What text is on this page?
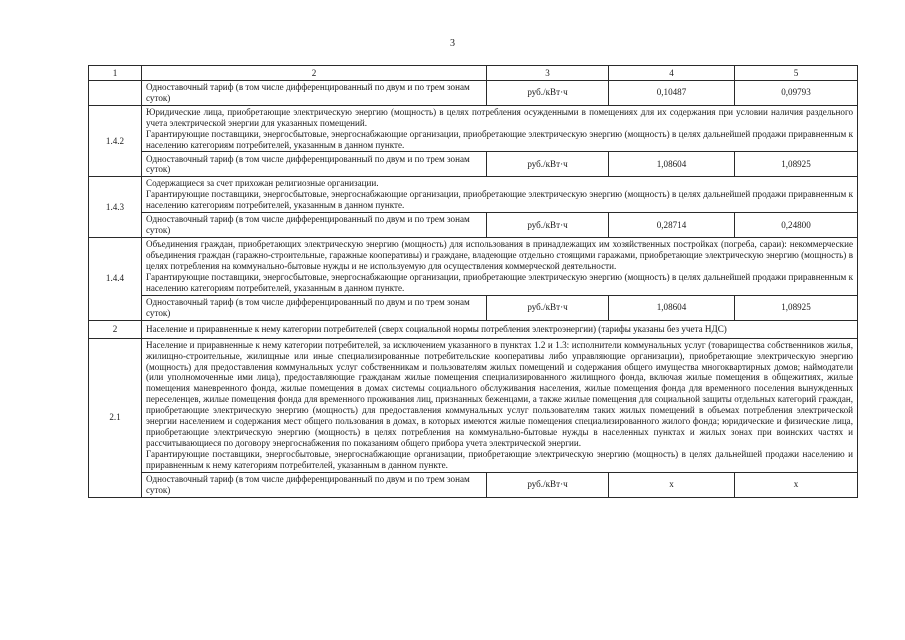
3
1	2	3	4	5
	Одноставочный тариф (в том числе дифференцированный по двум и по трем зонам суток)	руб./кВт·ч	0,10487	0,09793
1.4.2	Юридические лица, приобретающие электрическую энергию (мощность) в целях потребления осужденными в помещениях для их содержания при условии наличия раздельного учета электрической энергии для указанных помещений.
Гарантирующие поставщики, энергосбытовые, энергоснабжающие организации, приобретающие электрическую энергию (мощность) в целях дальнейшей продажи приравненным к населению категориям потребителей, указанным в данном пункте.			

	Одноставочный тариф (в том числе дифференцированный по двум и по трем зонам суток)	руб./кВт·ч	1,08604	1,08925
1.4.3	Содержащиеся за счет прихожан религиозные организации.
Гарантирующие поставщики, энергосбытовые, энергоснабжающие организации, приобретающие электрическую энергию (мощность) в целях дальнейшей продажи приравненным к населению категориям потребителей, указанным в данном пункте.			

	Одноставочный тариф (в том числе дифференцированный по двум и по трем зонам суток)	руб./кВт·ч	0,28714	0,24800
1.4.4	Объединения граждан, приобретающих электрическую энергию (мощность) для использования в принадлежащих им хозяйственных постройках (погреба, сараи): некоммерческие объединения граждан (гаражно-строительные, гаражные кооперативы) и граждане, владеющие отдельно стоящими гаражами, приобретающие электрическую энергию (мощность) в целях потребления на коммунально-бытовые нужды и не используемую для осуществления коммерческой деятельности.
Гарантирующие поставщики, энергосбытовые, энергоснабжающие организации, приобретающие электрическую энергию (мощность) в целях дальнейшей продажи приравненным к населению категориям потребителей, указанным в данном пункте.			

	Одноставочный тариф (в том числе дифференцированный по двум и по трем зонам суток)	руб./кВт·ч	1,08604	1,08925
2	Население и приравненные к нему категории потребителей (сверх социальной нормы потребления электроэнергии) (тарифы указаны без учета НДС)			
2.1	Население и приравненные к нему категории потребителей, за исключением указанного в пунктах 1.2 и 1.3: исполнители коммунальных услуг (товарищества собственников жилья, жилищно-строительные, жилищные или иные специализированные потребительские кооперативы либо управляющие организации), приобретающие электрическую энергию (мощность) для предоставления коммунальных услуг собственникам и пользователям жилых помещений и содержания общего имущества многоквартирных домов; наймодатели (или уполномоченные ими лица), предоставляющие гражданам жилые помещения специализированного жилищного фонда, включая жилые помещения в общежитиях, жилые помещения маневренного фонда, жилые помещения в домах системы социального обслуживания населения, жилые помещения фонда для временного поселения вынужденных переселенцев, жилые помещения фонда для временного проживания лиц, признанных беженцами, а также жилые помещения для социальной защиты отдельных категорий граждан, приобретающие электрическую энергию (мощность) для предоставления коммунальных услуг пользователям таких жилых помещений в объемах потребления электрической энергии населением и содержания мест общего пользования в домах, в которых имеются жилые помещения специализированного жилого фонда; юридические и физические лица, приобретающие электрическую энергию (мощность) в целях потребления на коммунально-бытовые нужды в населенных пунктах и жилых зонах при воинских частях и рассчитывающиеся по договору энергоснабжения по показаниям общего прибора учета электрической энергии.
Гарантирующие поставщики, энергосбытовые, энергоснабжающие организации, приобретающие электрическую энергию (мощность) в целях дальнейшей продажи населению и приравненным к нему категориям потребителей, указанным в данном пункте.			

	Одноставочный тариф (в том числе дифференцированный по двум и по трем зонам суток)	руб./кВт·ч	x	x
